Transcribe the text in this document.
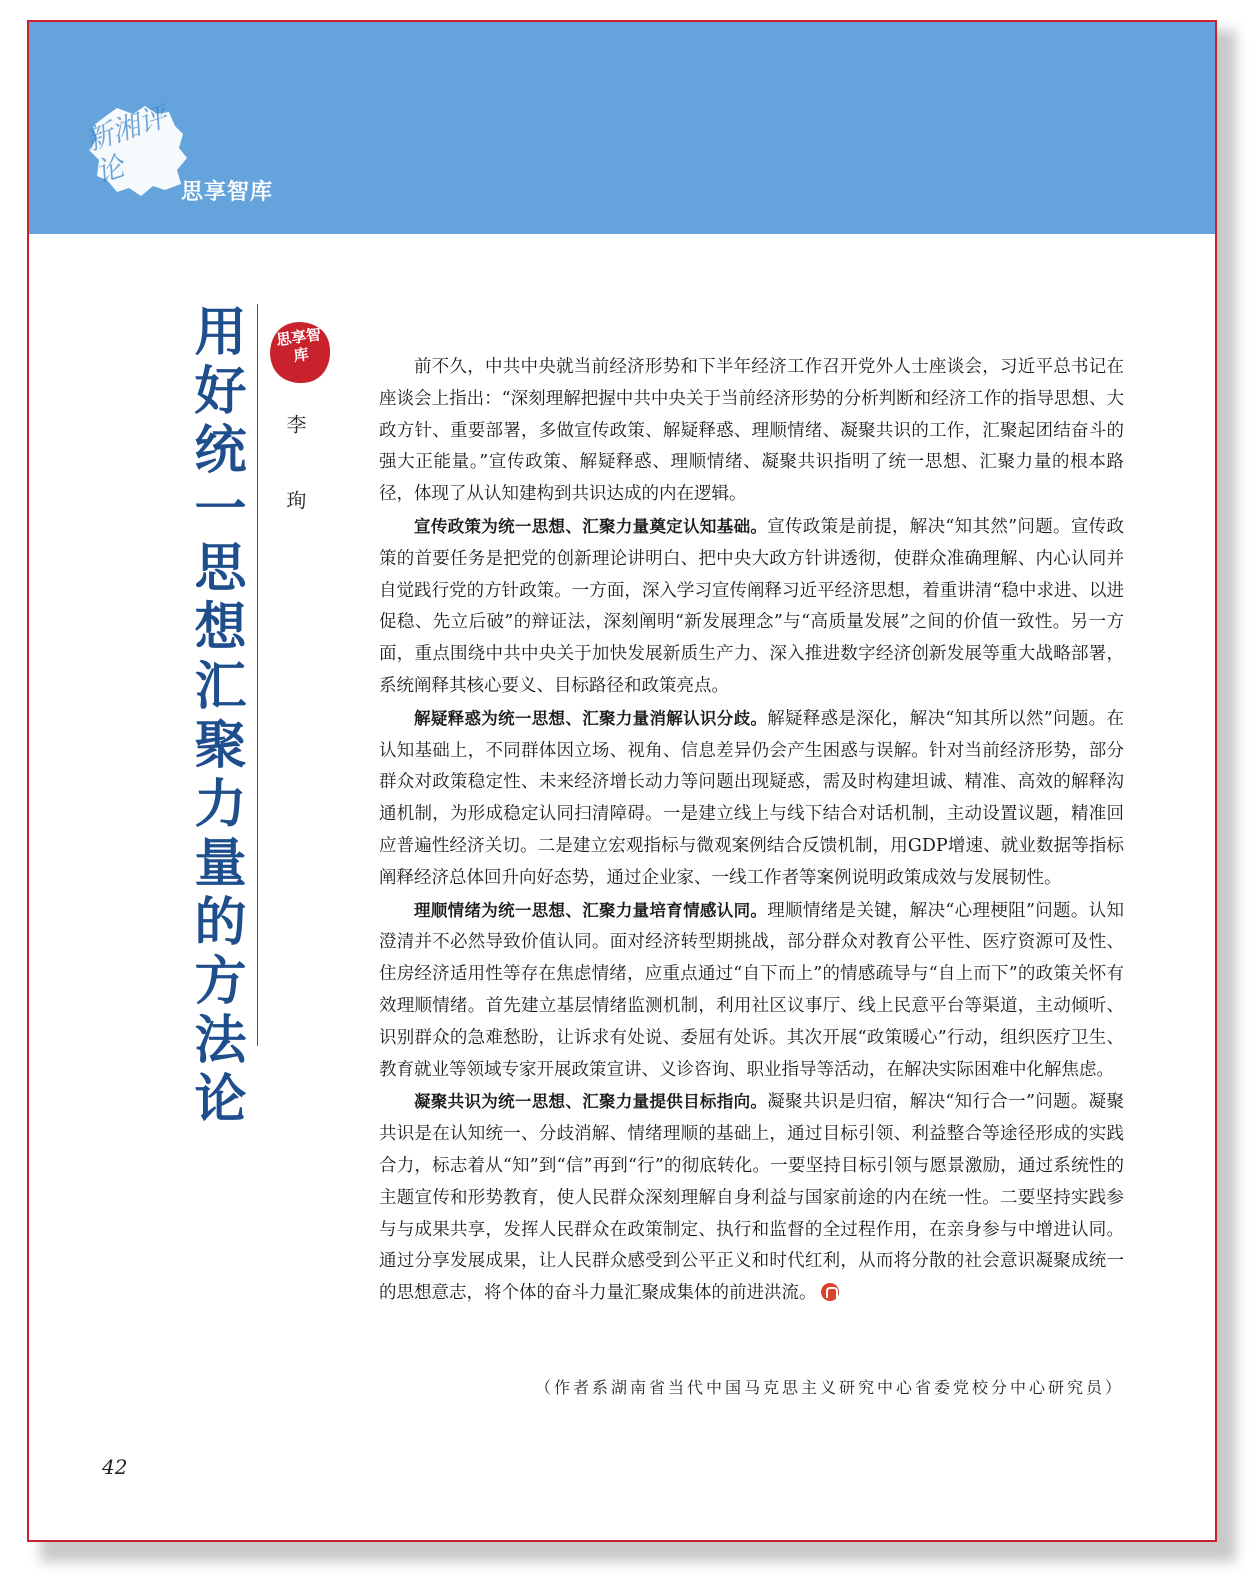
新湘评论
思享智库
用好统一思想汇聚力量的方法论	思享智库
李 珣

前不久，中共中央就当前经济形势和下半年经济工作召开党外人士座谈会，习近平总书记在座谈会上指出：“深刻理解把握中共中央关于当前经济形势的分析判断和经济工作的指导思想、大政方针、重要部署，多做宣传政策、解疑释惑、理顺情绪、凝聚共识的工作，汇聚起团结奋斗的强大正能量。”宣传政策、解疑释惑、理顺情绪、凝聚共识指明了统一思想、汇聚力量的根本路径，体现了从认知建构到共识达成的内在逻辑。

宣传政策为统一思想、汇聚力量奠定认知基础。宣传政策是前提，解决“知其然”问题。宣传政策的首要任务是把党的创新理论讲明白、把中央大政方针讲透彻，使群众准确理解、内心认同并自觉践行党的方针政策。一方面，深入学习宣传阐释习近平经济思想，着重讲清“稳中求进、以进促稳、先立后破”的辩证法，深刻阐明“新发展理念”与“高质量发展”之间的价值一致性。另一方面，重点围绕中共中央关于加快发展新质生产力、深入推进数字经济创新发展等重大战略部署，系统阐释其核心要义、目标路径和政策亮点。

解疑释惑为统一思想、汇聚力量消解认识分歧。解疑释惑是深化，解决“知其所以然”问题。在认知基础上，不同群体因立场、视角、信息差异仍会产生困惑与误解。针对当前经济形势，部分群众对政策稳定性、未来经济增长动力等问题出现疑惑，需及时构建坦诚、精准、高效的解释沟通机制，为形成稳定认同扫清障碍。一是建立线上与线下结合对话机制，主动设置议题，精准回应普遍性经济关切。二是建立宏观指标与微观案例结合反馈机制，用GDP增速、就业数据等指标阐释经济总体回升向好态势，通过企业家、一线工作者等案例说明政策成效与发展韧性。

理顺情绪为统一思想、汇聚力量培育情感认同。理顺情绪是关键，解决“心理梗阻”问题。认知澄清并不必然导致价值认同。面对经济转型期挑战，部分群众对教育公平性、医疗资源可及性、住房经济适用性等存在焦虑情绪，应重点通过“自下而上”的情感疏导与“自上而下”的政策关怀有效理顺情绪。首先建立基层情绪监测机制，利用社区议事厅、线上民意平台等渠道，主动倾听、识别群众的急难愁盼，让诉求有处说、委屈有处诉。其次开展“政策暖心”行动，组织医疗卫生、教育就业等领域专家开展政策宣讲、义诊咨询、职业指导等活动，在解决实际困难中化解焦虑。

凝聚共识为统一思想、汇聚力量提供目标指向。凝聚共识是归宿，解决“知行合一”问题。凝聚共识是在认知统一、分歧消解、情绪理顺的基础上，通过目标引领、利益整合等途径形成的实践合力，标志着从“知”到“信”再到“行”的彻底转化。一要坚持目标引领与愿景激励，通过系统性的主题宣传和形势教育，使人民群众深刻理解自身利益与国家前途的内在统一性。二要坚持实践参与与成果共享，发挥人民群众在政策制定、执行和监督的全过程作用，在亲身参与中增进认同。通过分享发展成果，让人民群众感受到公平正义和时代红利，从而将分散的社会意识凝聚成统一的思想意志，将个体的奋斗力量汇聚成集体的前进洪流。

（作者系湖南省当代中国马克思主义研究中心省委党校分中心研究员）
42
